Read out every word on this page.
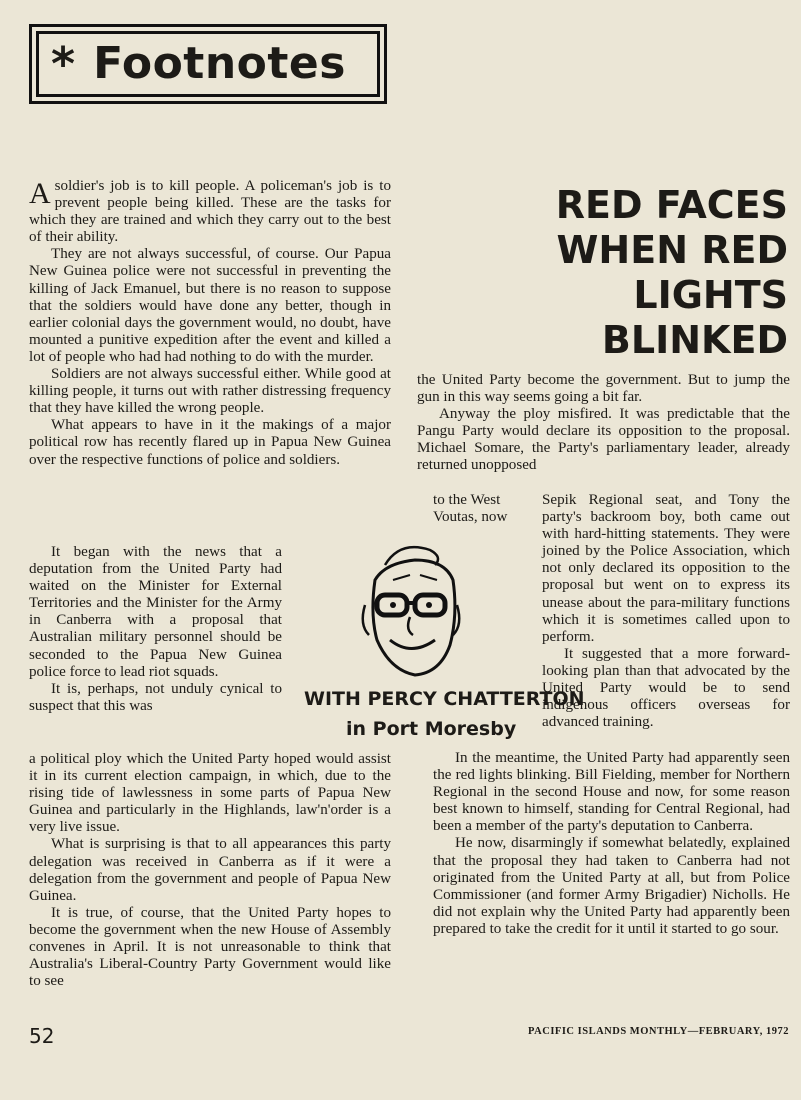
* Footnotes
RED FACES
WHEN RED
LIGHTS BLINKED

Asoldier's job is to kill people. A policeman's job is to prevent people being killed. These are the tasks for which they are trained and which they carry out to the best of their ability.

They are not always successful, of course. Our Papua New Guinea police were not successful in preventing the killing of Jack Emanuel, but there is no reason to suppose that the soldiers would have done any better, though in earlier colonial days the government would, no doubt, have mounted a punitive expedition after the event and killed a lot of people who had had nothing to do with the murder.

Soldiers are not always successful either. While good at killing people, it turns out with rather distressing frequency that they have killed the wrong people.

What appears to have in it the makings of a major political row has recently flared up in Papua New Guinea over the respective functions of police and soldiers.

It began with the news that a deputation from the United Party had waited on the Minister for External Territories and the Minister for the Army in Canberra with a proposal that Australian military personnel should be seconded to the Papua New Guinea police force to lead riot squads.

It is, perhaps, not unduly cynical to suspect that this was

a political ploy which the United Party hoped would assist it in its current election campaign, in which, due to the rising tide of lawlessness in some parts of Papua New Guinea and particularly in the Highlands, law'n'order is a very live issue.

What is surprising is that to all appearances this party delegation was received in Canberra as if it were a delegation from the government and people of Papua New Guinea.

It is true, of course, that the United Party hopes to become the government when the new House of Assembly convenes in April. It is not unreasonable to think that Australia's Liberal-Country Party Government would like to see

WITH PERCY CHATTERTON
in Port Moresby

the United Party become the government. But to jump the gun in this way seems going a bit far.

Anyway the ploy misfired. It was predictable that the Pangu Party would declare its opposition to the proposal. Michael Somare, the Party's parliamentary leader, already returned unopposed

to the West Voutas, now

Sepik Regional seat, and Tony the party's backroom boy, both came out with hard-hitting statements. They were joined by the Police Association, which not only declared its opposition to the proposal but went on to express its unease about the para-military functions which it is sometimes called upon to perform.

It suggested that a more forward-looking plan than that advocated by the United Party would be to send indigenous officers overseas for advanced training.

In the meantime, the United Party had apparently seen the red lights blinking. Bill Fielding, member for Northern Regional in the second House and now, for some reason best known to himself, standing for Central Regional, had been a member of the party's deputation to Canberra.

He now, disarmingly if somewhat belatedly, explained that the proposal they had taken to Canberra had not originated from the United Party at all, but from Police Commissioner (and former Army Brigadier) Nicholls. He did not explain why the United Party had apparently been prepared to take the credit for it until it started to go sour.

52	PACIFIC ISLANDS MONTHLY—FEBRUARY, 1972
